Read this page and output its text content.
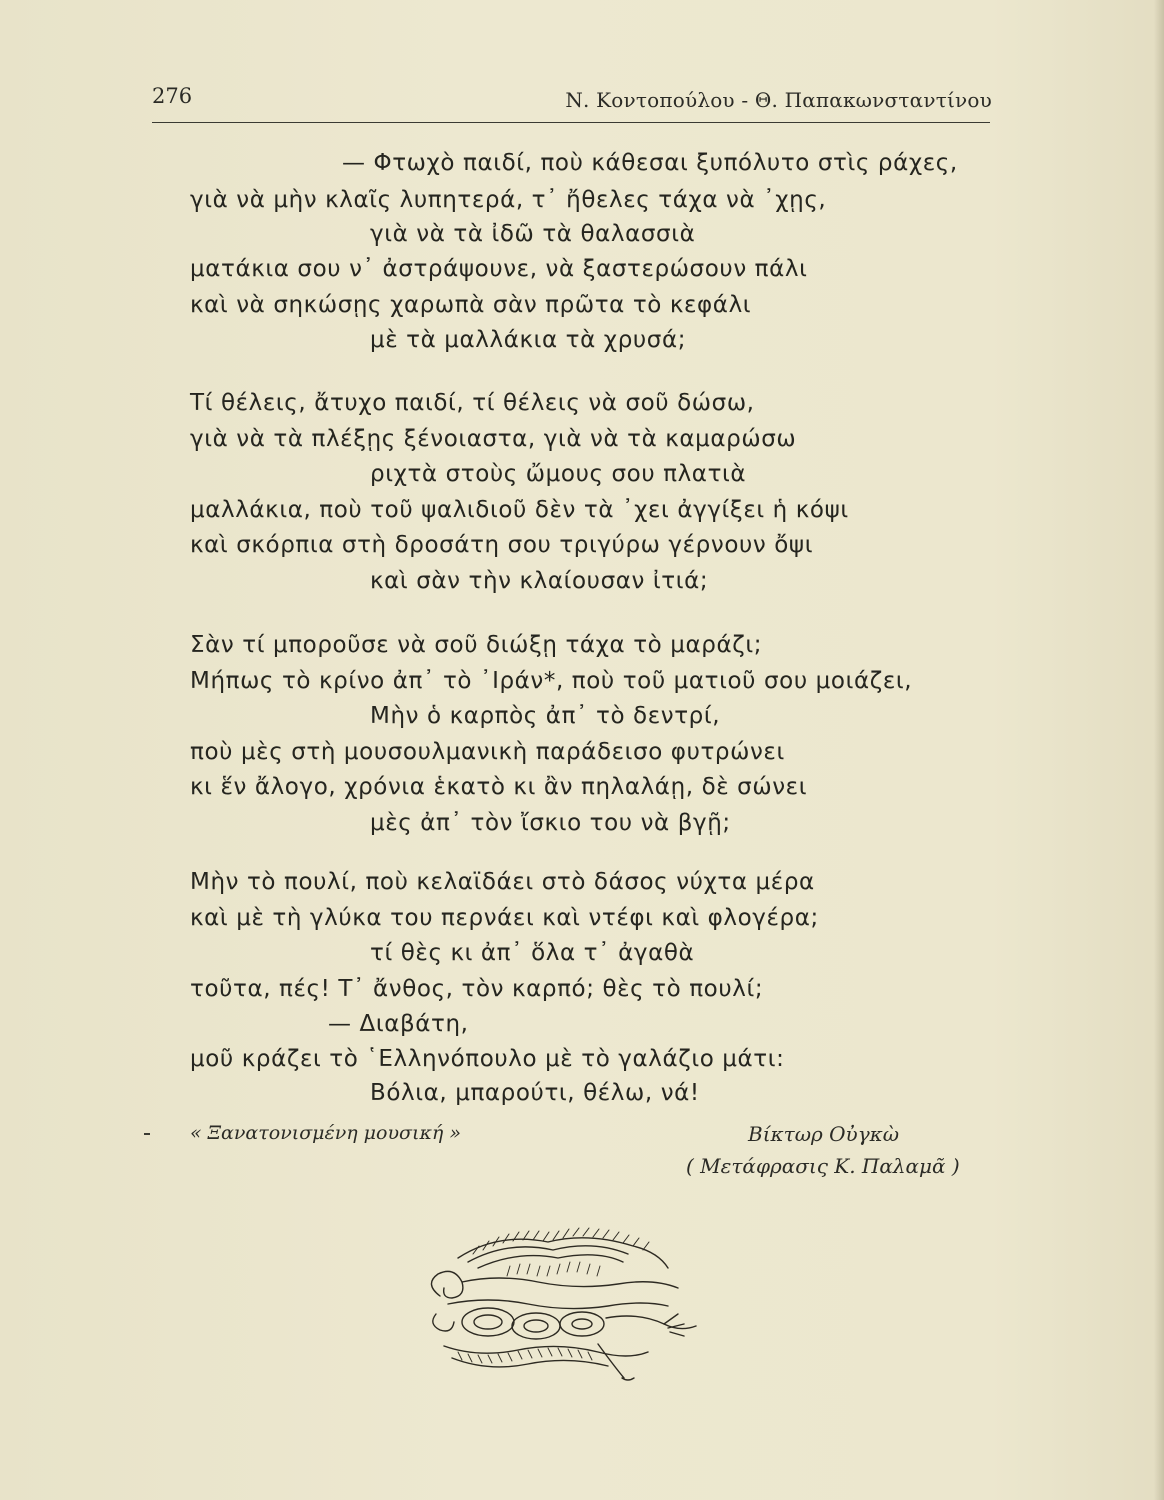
276	Ν. Κοντοπούλου - Θ. Παπακωνσταντίνου
— Φτωχὸ παιδί, ποὺ κάθεσαι ξυπόλυτο στὶς ράχες,
γιὰ νὰ μὴν κλαῖς λυπητερά, τ᾽ ἤθελες τάχα νὰ ᾽χῃς,
γιὰ νὰ τὰ ἰδῶ τὰ θαλασσιὰ
ματάκια σου ν᾽ ἀστράψουνε, νὰ ξαστερώσουν πάλι
καὶ νὰ σηκώσῃς χαρωπὰ σὰν πρῶτα τὸ κεφάλι
μὲ τὰ μαλλάκια τὰ χρυσά;
Τί θέλεις, ἄτυχο παιδί, τί θέλεις νὰ σοῦ δώσω,
γιὰ νὰ τὰ πλέξῃς ξένοιαστα, γιὰ νὰ τὰ καμαρώσω
ριχτὰ στοὺς ὤμους σου πλατιὰ
μαλλάκια, ποὺ τοῦ ψαλιδιοῦ δὲν τὰ ᾽χει ἀγγίξει ἡ κόψι
καὶ σκόρπια στὴ δροσάτη σου τριγύρω γέρνουν ὄψι
καὶ σὰν τὴν κλαίουσαν ἰτιά;
Σὰν τί μποροῦσε νὰ σοῦ διώξῃ τάχα τὸ μαράζι;
Μήπως τὸ κρίνο ἀπ᾽ τὸ ᾽Ιράν*, ποὺ τοῦ ματιοῦ σου μοιάζει,
Μὴν ὁ καρπὸς ἀπ᾽ τὸ δεντρί,
ποὺ μὲς στὴ μουσουλμανικὴ παράδεισο φυτρώνει
κι ἕν ἄλογο, χρόνια ἑκατὸ κι ἂν πηλαλάῃ, δὲ σώνει
μὲς ἀπ᾽ τὸν ἴσκιο του νὰ βγῇ;
Μὴν τὸ πουλί, ποὺ κελαϊδάει στὸ δάσος νύχτα μέρα
καὶ μὲ τὴ γλύκα του περνάει καὶ ντέφι καὶ φλογέρα;
τί θὲς κι ἀπ᾽ ὅλα τ᾽ ἀγαθὰ
τοῦτα, πές! Τ᾽ ἄνθος, τὸν καρπό; θὲς τὸ πουλί;
— Διαβάτη,
μοῦ κράζει τὸ ῾Ελληνόπουλο μὲ τὸ γαλάζιο μάτι:
Βόλια, μπαρούτι, θέλω, νά!
« Ξανατονισμένη μουσική »	Βίκτωρ Οὐγκὼ
( Μετάφρασις Κ. Παλαμᾶ )
